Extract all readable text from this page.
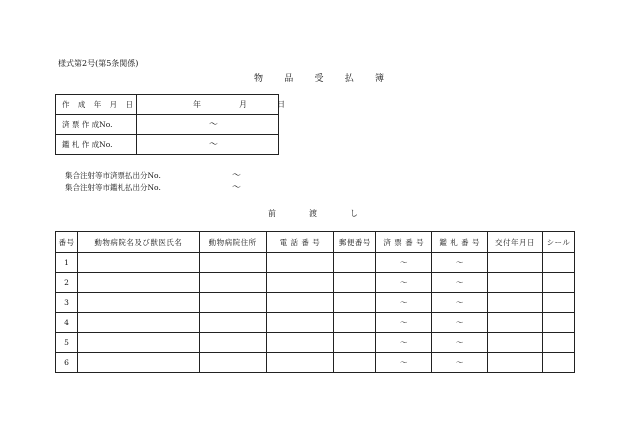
様式第2号(第5条関係)
物 品 受 払 簿
作 成 年 月 日	年 月 日

済 票 作 成No.	〜

鑑 札 作 成No.	〜
集合注射等市済票払出分No.	〜
集合注射等市鑑札払出分No.	〜
前	渡	し
番号	動物病院名及び獣医氏名	動物病院住所	電 話 番 号	郵便番号	済 票 番 号	鑑 札 番 号	交付年月日	シール
1					〜	〜		
2					〜	〜		
3					〜	〜		
4					〜	〜		
5					〜	〜		
6					〜	〜		
